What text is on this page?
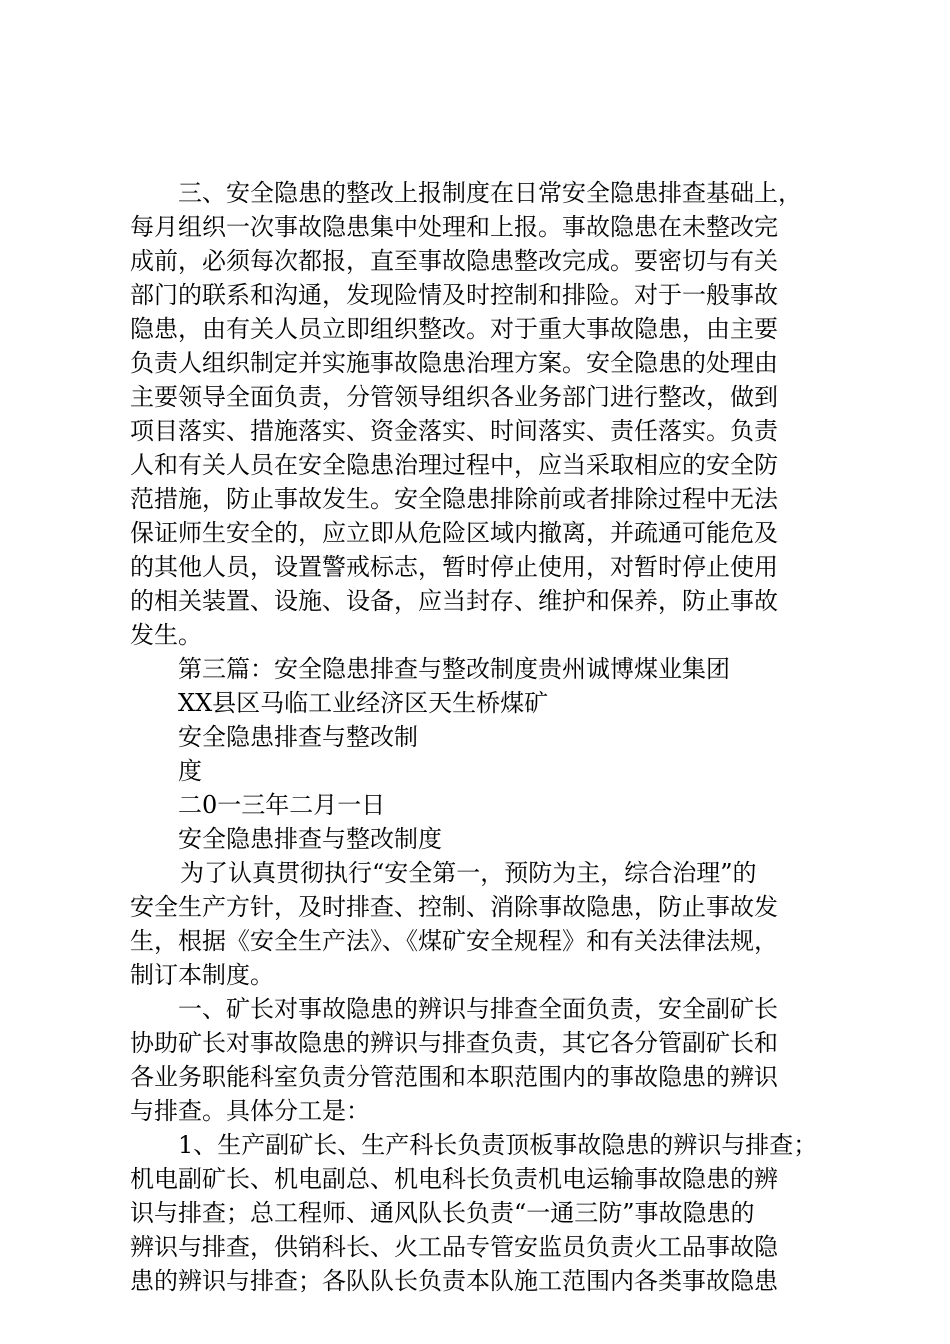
三、安全隐患的整改上报制度在日常安全隐患排查基础上，
每月组织一次事故隐患集中处理和上报。事故隐患在未整改完
成前，必须每次都报，直至事故隐患整改完成。要密切与有关
部门的联系和沟通，发现险情及时控制和排险。对于一般事故
隐患，由有关人员立即组织整改。对于重大事故隐患，由主要
负责人组织制定并实施事故隐患治理方案。安全隐患的处理由
主要领导全面负责，分管领导组织各业务部门进行整改，做到
项目落实、措施落实、资金落实、时间落实、责任落实。负责
人和有关人员在安全隐患治理过程中，应当采取相应的安全防
范措施，防止事故发生。安全隐患排除前或者排除过程中无法
保证师生安全的，应立即从危险区域内撤离，并疏通可能危及
的其他人员，设置警戒标志，暂时停止使用，对暂时停止使用
的相关装置、设施、设备，应当封存、维护和保养，防止事故
发生。
第三篇：安全隐患排查与整改制度贵州诚博煤业集团
XX县区马临工业经济区天生桥煤矿
安全隐患排查与整改制
度
二0一三年二月一日
安全隐患排查与整改制度
为了认真贯彻执行“安全第一，预防为主，综合治理”的
安全生产方针，及时排查、控制、消除事故隐患，防止事故发
生，根据《安全生产法》、《煤矿安全规程》和有关法律法规，
制订本制度。
一、矿长对事故隐患的辨识与排查全面负责，安全副矿长
协助矿长对事故隐患的辨识与排查负责，其它各分管副矿长和
各业务职能科室负责分管范围和本职范围内的事故隐患的辨识
与排查。具体分工是：
1、生产副矿长、生产科长负责顶板事故隐患的辨识与排查；
机电副矿长、机电副总、机电科长负责机电运输事故隐患的辨
识与排查；总工程师、通风队长负责“一通三防”事故隐患的
辨识与排查，供销科长、火工品专管安监员负责火工品事故隐
患的辨识与排查；各队队长负责本队施工范围内各类事故隐患
